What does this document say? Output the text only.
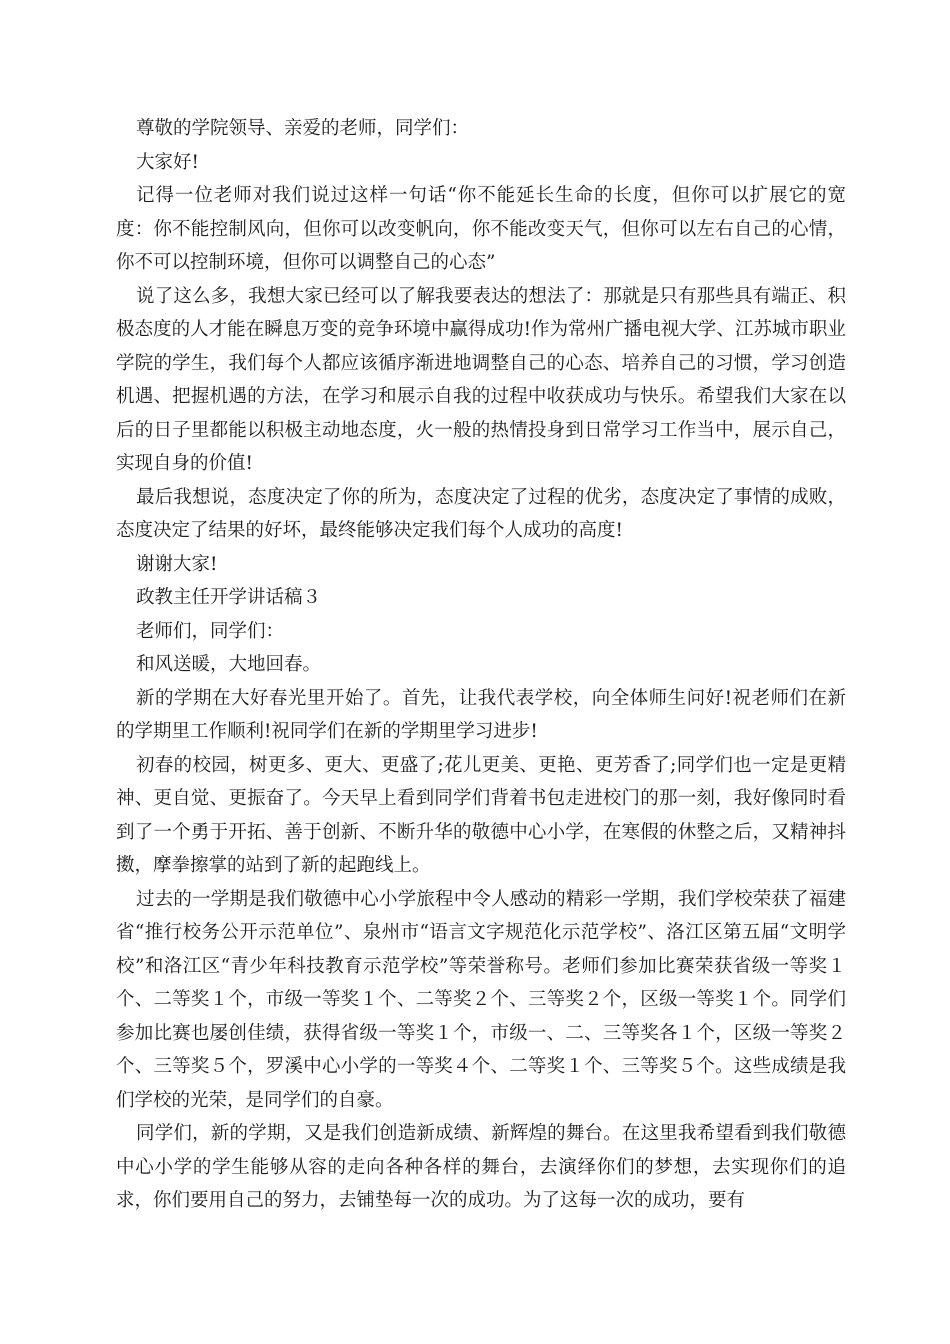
尊敬的学院领导、亲爱的老师，同学们：

大家好!

记得一位老师对我们说过这样一句话“你不能延长生命的长度，但你可以扩展它的宽度：你不能控制风向，但你可以改变帆向，你不能改变天气，但你可以左右自己的心情，你不可以控制环境，但你可以调整自己的心态”

说了这么多，我想大家已经可以了解我要表达的想法了：那就是只有那些具有端正、积极态度的人才能在瞬息万变的竞争环境中赢得成功!作为常州广播电视大学、江苏城市职业学院的学生，我们每个人都应该循序渐进地调整自己的心态、培养自己的习惯，学习创造机遇、把握机遇的方法，在学习和展示自我的过程中收获成功与快乐。希望我们大家在以后的日子里都能以积极主动地态度，火一般的热情投身到日常学习工作当中，展示自己，实现自身的价值!

最后我想说，态度决定了你的所为，态度决定了过程的优劣，态度决定了事情的成败，态度决定了结果的好坏，最终能够决定我们每个人成功的高度!

谢谢大家!

政教主任开学讲话稿３

老师们，同学们：

和风送暖，大地回春。

新的学期在大好春光里开始了。首先，让我代表学校，向全体师生问好!祝老师们在新的学期里工作顺利!祝同学们在新的学期里学习进步!

初春的校园，树更多、更大、更盛了;花儿更美、更艳、更芳香了;同学们也一定是更精神、更自觉、更振奋了。今天早上看到同学们背着书包走进校门的那一刻，我好像同时看到了一个勇于开拓、善于创新、不断升华的敬德中心小学，在寒假的休整之后，又精神抖擞，摩拳擦掌的站到了新的起跑线上。

过去的一学期是我们敬德中心小学旅程中令人感动的精彩一学期，我们学校荣获了福建省“推行校务公开示范单位”、泉州市“语言文字规范化示范学校”、洛江区第五届“文明学校”和洛江区“青少年科技教育示范学校”等荣誉称号。老师们参加比赛荣获省级一等奖１个、二等奖１个，市级一等奖１个、二等奖２个、三等奖２个，区级一等奖１个。同学们参加比赛也屡创佳绩，获得省级一等奖１个，市级一、二、三等奖各１个，区级一等奖２个、三等奖５个，罗溪中心小学的一等奖４个、二等奖１个、三等奖５个。这些成绩是我们学校的光荣，是同学们的自豪。

同学们，新的学期，又是我们创造新成绩、新辉煌的舞台。在这里我希望看到我们敬德中心小学的学生能够从容的走向各种各样的舞台，去演绎你们的梦想，去实现你们的追求，你们要用自己的努力，去铺垫每一次的成功。为了这每一次的成功，要有
